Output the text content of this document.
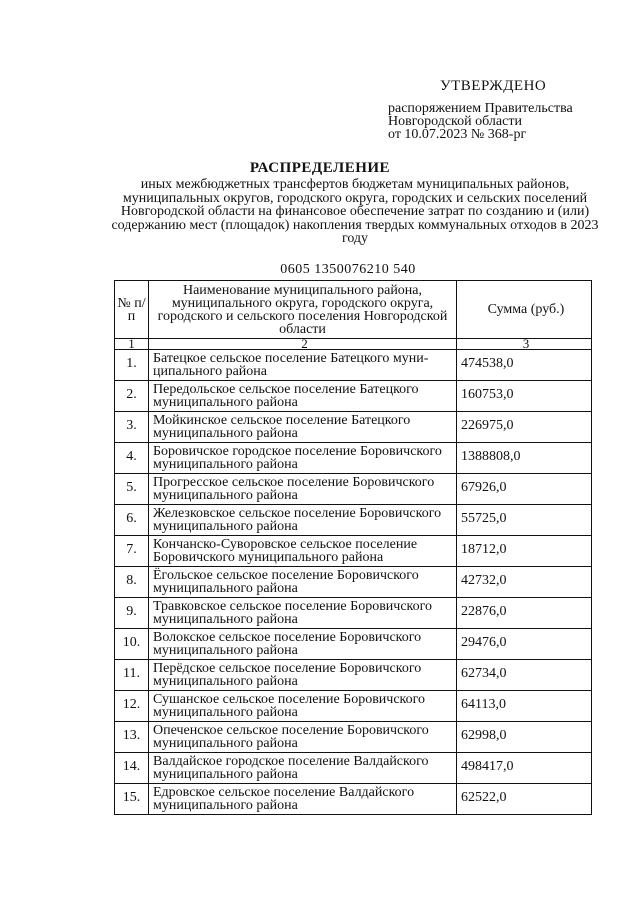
УТВЕРЖДЕНО
распоряжением Правительства
Новгородской области
от 10.07.2023 № 368-рг
РАСПРЕДЕЛЕНИЕ
иных межбюджетных трансфертов бюджетам муниципальных районов, муниципальных округов, городского округа, городских и сельских поселений Новгородской области на финансовое обеспечение затрат по созданию и (или) содержанию мест (площадок) накопления твердых коммунальных отходов в 2023 году
0605 1350076210 540
№ п/п	Наименование муниципального района, муниципального округа, городского округа, городского и сельского поселения Новгородской области	Сумма (руб.)
1	2	3
1.	Батецкое сельское поселение Батецкого муни-ципального района	474538,0
2.	Передольское сельское поселение Батецкого муниципального района	160753,0
3.	Мойкинское сельское поселение Батецкого муниципального района	226975,0
4.	Боровичское городское поселение Боровичского муниципального района	1388808,0
5.	Прогресское сельское поселение Боровичского муниципального района	67926,0
6.	Железковское сельское поселение Боровичского муниципального района	55725,0
7.	Кончанско-Суворовское сельское поселение Боровичского муниципального района	18712,0
8.	Ёгольское сельское поселение Боровичского муниципального района	42732,0
9.	Травковское сельское поселение Боровичского муниципального района	22876,0
10.	Волокское сельское поселение Боровичского муниципального района	29476,0
11.	Перёдское сельское поселение Боровичского муниципального района	62734,0
12.	Сушанское сельское поселение Боровичского муниципального района	64113,0
13.	Опеченское сельское поселение Боровичского муниципального района	62998,0
14.	Валдайское городское поселение Валдайского муниципального района	498417,0
15.	Едровское сельское поселение Валдайского муниципального района	62522,0
